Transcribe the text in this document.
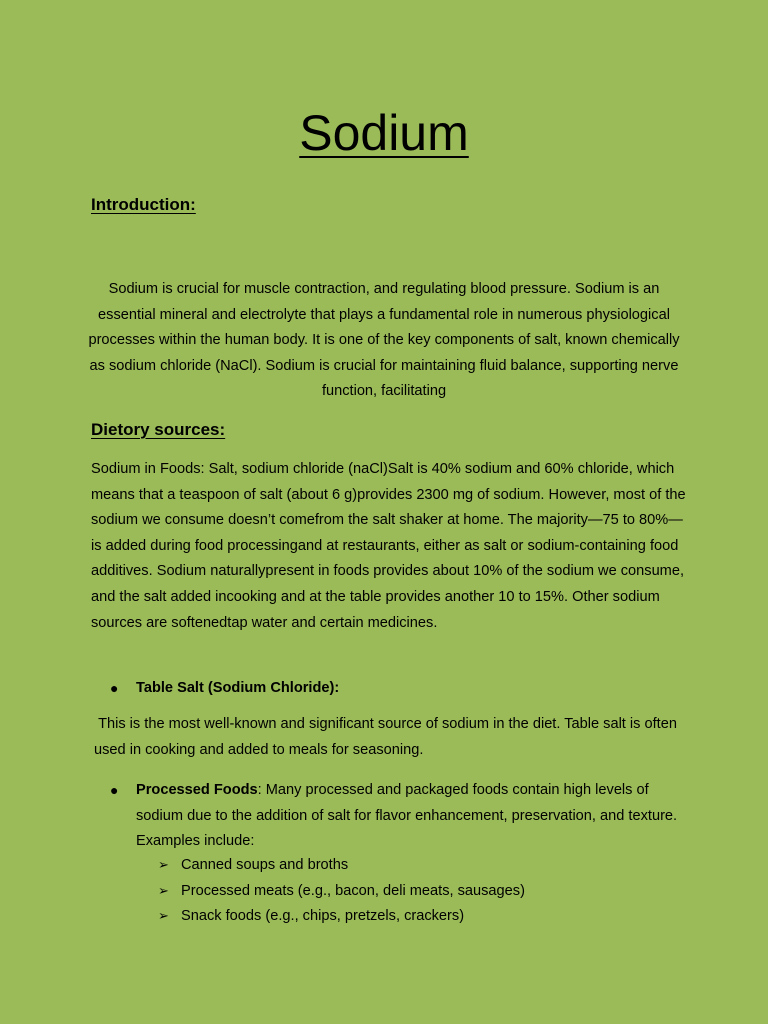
Sodium
Introduction:
Sodium is crucial for muscle contraction, and regulating blood pressure. Sodium is an essential mineral and electrolyte that plays a fundamental role in numerous physiological processes within the human body. It is one of the key components of salt, known chemically as sodium chloride (NaCl). Sodium is crucial for maintaining fluid balance, supporting nerve function, facilitating
Dietory sources:
Sodium in Foods: Salt, sodium chloride (naCl)Salt is 40% sodium and 60% chloride, which means that a teaspoon of salt (about 6 g)provides 2300 mg of sodium. However, most of the sodium we consume doesn’t comefrom the salt shaker at home. The majority—75 to 80%—is added during food processingand at restaurants, either as salt or sodium-containing food additives. Sodium naturallypresent in foods provides about 10% of the sodium we consume, and the salt added incooking and at the table provides another 10 to 15%. Other sodium sources are softenedtap water and certain medicines.
● Table Salt (Sodium Chloride):
This is the most well-known and significant source of sodium in the diet. Table salt is often used in cooking and added to meals for seasoning.
● Processed Foods: Many processed and packaged foods contain high levels of sodium due to the addition of salt for flavor enhancement, preservation, and texture. Examples include:
➢ Canned soups and broths
➢ Processed meats (e.g., bacon, deli meats, sausages)
➢ Snack foods (e.g., chips, pretzels, crackers)
